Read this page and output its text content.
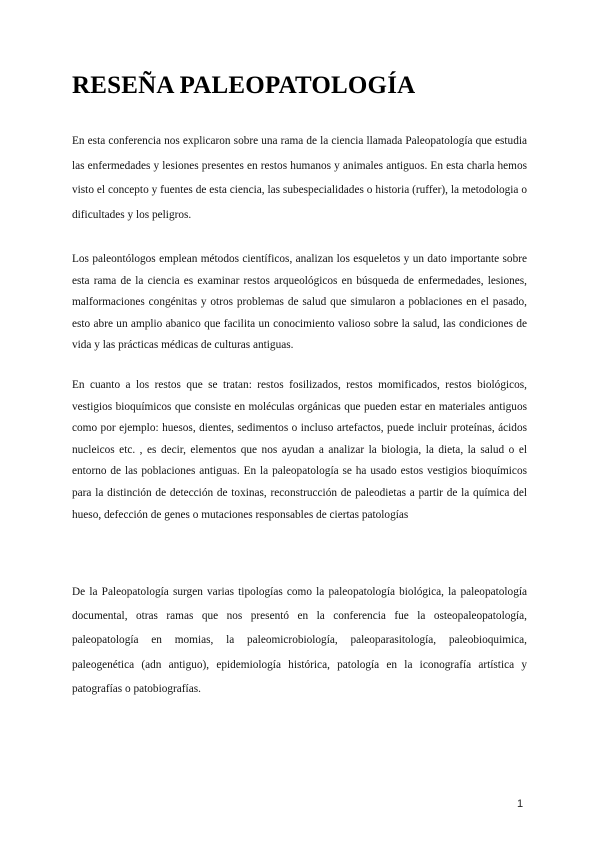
RESEÑA PALEOPATOLOGÍA

En esta conferencia nos explicaron sobre una rama de la ciencia llamada Paleopatología que estudia las enfermedades y lesiones presentes en restos humanos y animales antiguos. En esta charla hemos visto el concepto y fuentes de esta ciencia, las subespecialidades o historia (ruffer), la metodologia o dificultades y los peligros.

Los paleontólogos emplean métodos científicos, analizan los esqueletos y un dato importante sobre esta rama de la ciencia es examinar restos arqueológicos en búsqueda de enfermedades, lesiones, malformaciones congénitas y otros problemas de salud que simularon a poblaciones en el pasado, esto abre un amplio abanico que facilita un conocimiento valioso sobre la salud, las condiciones de vida y las prácticas médicas de culturas antiguas.

En cuanto a los restos que se tratan: restos fosilizados, restos momificados, restos biológicos, vestigios bioquímicos que consiste en moléculas orgánicas que pueden estar en materiales antiguos como por ejemplo: huesos, dientes, sedimentos o incluso artefactos, puede incluir proteínas, ácidos nucleicos etc. , es decir, elementos que nos ayudan a analizar la biologia, la dieta, la salud o el entorno de las poblaciones antiguas. En la paleopatología se ha usado estos vestigios bioquímicos para la distinción de detección de toxinas, reconstrucción de paleodietas a partir de la química del hueso, defección de genes o mutaciones responsables de ciertas patologías

De la Paleopatología surgen varias tipologías como la paleopatología biológica, la paleopatología documental, otras ramas que nos presentó en la conferencia fue la osteopaleopatología, paleopatología en momias, la paleomicrobiología, paleoparasitología, paleobioquimica, paleogenética (adn antiguo), epidemiología histórica, patología en la iconografía artística y patografías o patobiografías.

1
